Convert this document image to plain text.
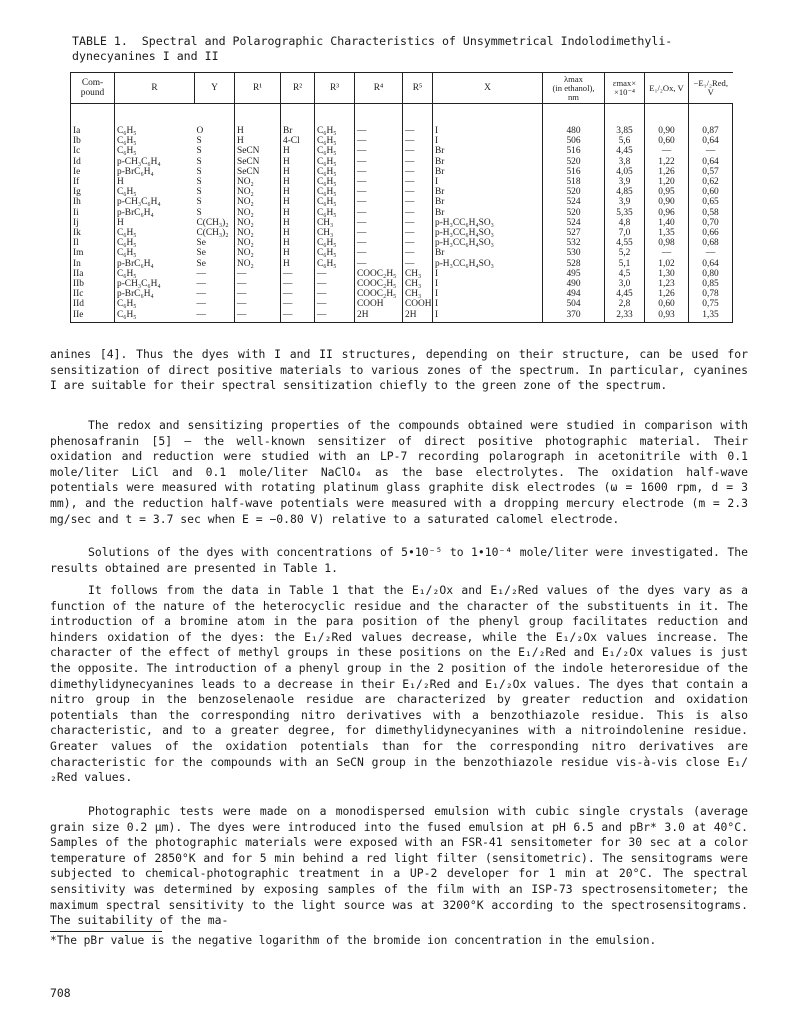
TABLE 1.  Spectral and Polarographic Characteristics of Unsymmetrical Indolodimethyli-
dynecyanines I and II
Com-
pound	R	Y	R¹	R²	R³	R⁴	R⁵	X	λmax
(in ethanol),
nm	εmax×
×10⁻⁴	E₁/₂Ox, V	−E₁/₂Red,
V
Ia	C₆H₅	O	H	Br	C₆H₅	—	—	I	480	3,85	0,90	0,87
Ib	C₆H₅	S	H	4-Cl	C₆H₅	—	—	I	506	5,6	0,60	0,64
Ic	C₆H₅	S	SeCN	H	C₆H₅	—	—	Br	516	4,45	—	—
Id	p-CH₃C₆H₄	S	SeCN	H	C₆H₅	—	—	Br	520	3,8	1,22	0,64
Ie	p-BrC₆H₄	S	SeCN	H	C₆H₅	—	—	Br	516	4,05	1,26	0,57
If	H	S	NO₂	H	C₆H₅	—	—	I	518	3,9	1,20	0,62
Ig	C₆H₅	S	NO₂	H	C₆H₅	—	—	Br	520	4,85	0,95	0,60
Ih	p-CH₃C₆H₄	S	NO₂	H	C₆H₅	—	—	Br	524	3,9	0,90	0,65
Ii	p-BrC₆H₄	S	NO₂	H	C₆H₅	—	—	Br	520	5,35	0,96	0,58
Ij	H	C(CH₃)₂	NO₂	H	CH₃	—	—	p-H₃CC₆H₄SO₃	524	4,8	1,40	0,70
Ik	C₆H₅	C(CH₃)₂	NO₂	H	CH₃	—	—	p-H₃CC₆H₄SO₃	527	7,0	1,35	0,66
Il	C₆H₅	Se	NO₂	H	C₆H₅	—	—	p-H₃CC₆H₄SO₃	532	4,55	0,98	0,68
Im	C₆H₅	Se	NO₂	H	C₆H₅	—	—	Br	530	5,2	—	—
In	p-BrC₆H₄	Se	NO₂	H	C₆H₅	—	—	p-H₃CC₆H₄SO₃	528	5,1	1,02	0,64
IIa	C₆H₅	—	—	—	—	COOC₂H₅	CH₃	I	495	4,5	1,30	0,80
IIb	p-CH₃C₆H₄	—	—	—	—	COOC₂H₅	CH₃	I	490	3,0	1,23	0,85
IIc	p-BrC₆H₄	—	—	—	—	COOC₂H₅	CH₃	I	494	4,45	1,26	0,78
IId	C₆H₅	—	—	—	—	COOH	COOH	I	504	2,8	0,60	0,75
IIe	C₆H₅	—	—	—	—	2H	2H	I	370	2,33	0,93	1,35

anines [4]. Thus the dyes with I and II structures, depending on their structure, can be used for sensitization of direct positive materials to various zones of the spectrum. In particular, cyanines I are suitable for their spectral sensitization chiefly to the green zone of the spectrum.

The redox and sensitizing properties of the compounds obtained were studied in comparison with phenosafranin [5] — the well-known sensitizer of direct positive photographic material. Their oxidation and reduction were studied with an LP-7 recording polarograph in acetonitrile with 0.1 mole/liter LiCl and 0.1 mole/liter NaClO₄ as the base electrolytes. The oxidation half-wave potentials were measured with rotating platinum glass graphite disk electrodes (ω = 1600 rpm, d = 3 mm), and the reduction half-wave potentials were measured with a dropping mercury electrode (m = 2.3 mg/sec and t = 3.7 sec when E = −0.80 V) relative to a saturated calomel electrode.

Solutions of the dyes with concentrations of 5•10⁻⁵ to 1•10⁻⁴ mole/liter were investigated. The results obtained are presented in Table 1.

It follows from the data in Table 1 that the E₁/₂Ox and E₁/₂Red values of the dyes vary as a function of the nature of the heterocyclic residue and the character of the substituents in it. The introduction of a bromine atom in the para position of the phenyl group facilitates reduction and hinders oxidation of the dyes: the E₁/₂Red values decrease, while the E₁/₂Ox values increase. The character of the effect of methyl groups in these positions on the E₁/₂Red and E₁/₂Ox values is just the opposite. The introduction of a phenyl group in the 2 position of the indole heteroresidue of the dimethylidynecyanines leads to a decrease in their E₁/₂Red and E₁/₂Ox values. The dyes that contain a nitro group in the benzoselenaole residue are characterized by greater reduction and oxidation potentials than the corresponding nitro derivatives with a benzothiazole residue. This is also characteristic, and to a greater degree, for dimethylidynecyanines with a nitroindolenine residue. Greater values of the oxidation potentials than for the corresponding nitro derivatives are characteristic for the compounds with an SeCN group in the benzothiazole residue vis-à-vis close E₁/₂Red values.

Photographic tests were made on a monodispersed emulsion with cubic single crystals (average grain size 0.2 μm). The dyes were introduced into the fused emulsion at pH 6.5 and pBr* 3.0 at 40°C. Samples of the photographic materials were exposed with an FSR-41 sensitometer for 30 sec at a color temperature of 2850°K and for 5 min behind a red light filter (sensitometric). The sensitograms were subjected to chemical-photographic treatment in a UP-2 developer for 1 min at 20°C. The spectral sensitivity was determined by exposing samples of the film with an ISP-73 spectrosensitometer; the maximum spectral sensitivity to the light source was at 3200°K according to the spectrosensitograms. The suitability of the ma-

*The pBr value is the negative logarithm of the bromide ion concentration in the emulsion.
708
